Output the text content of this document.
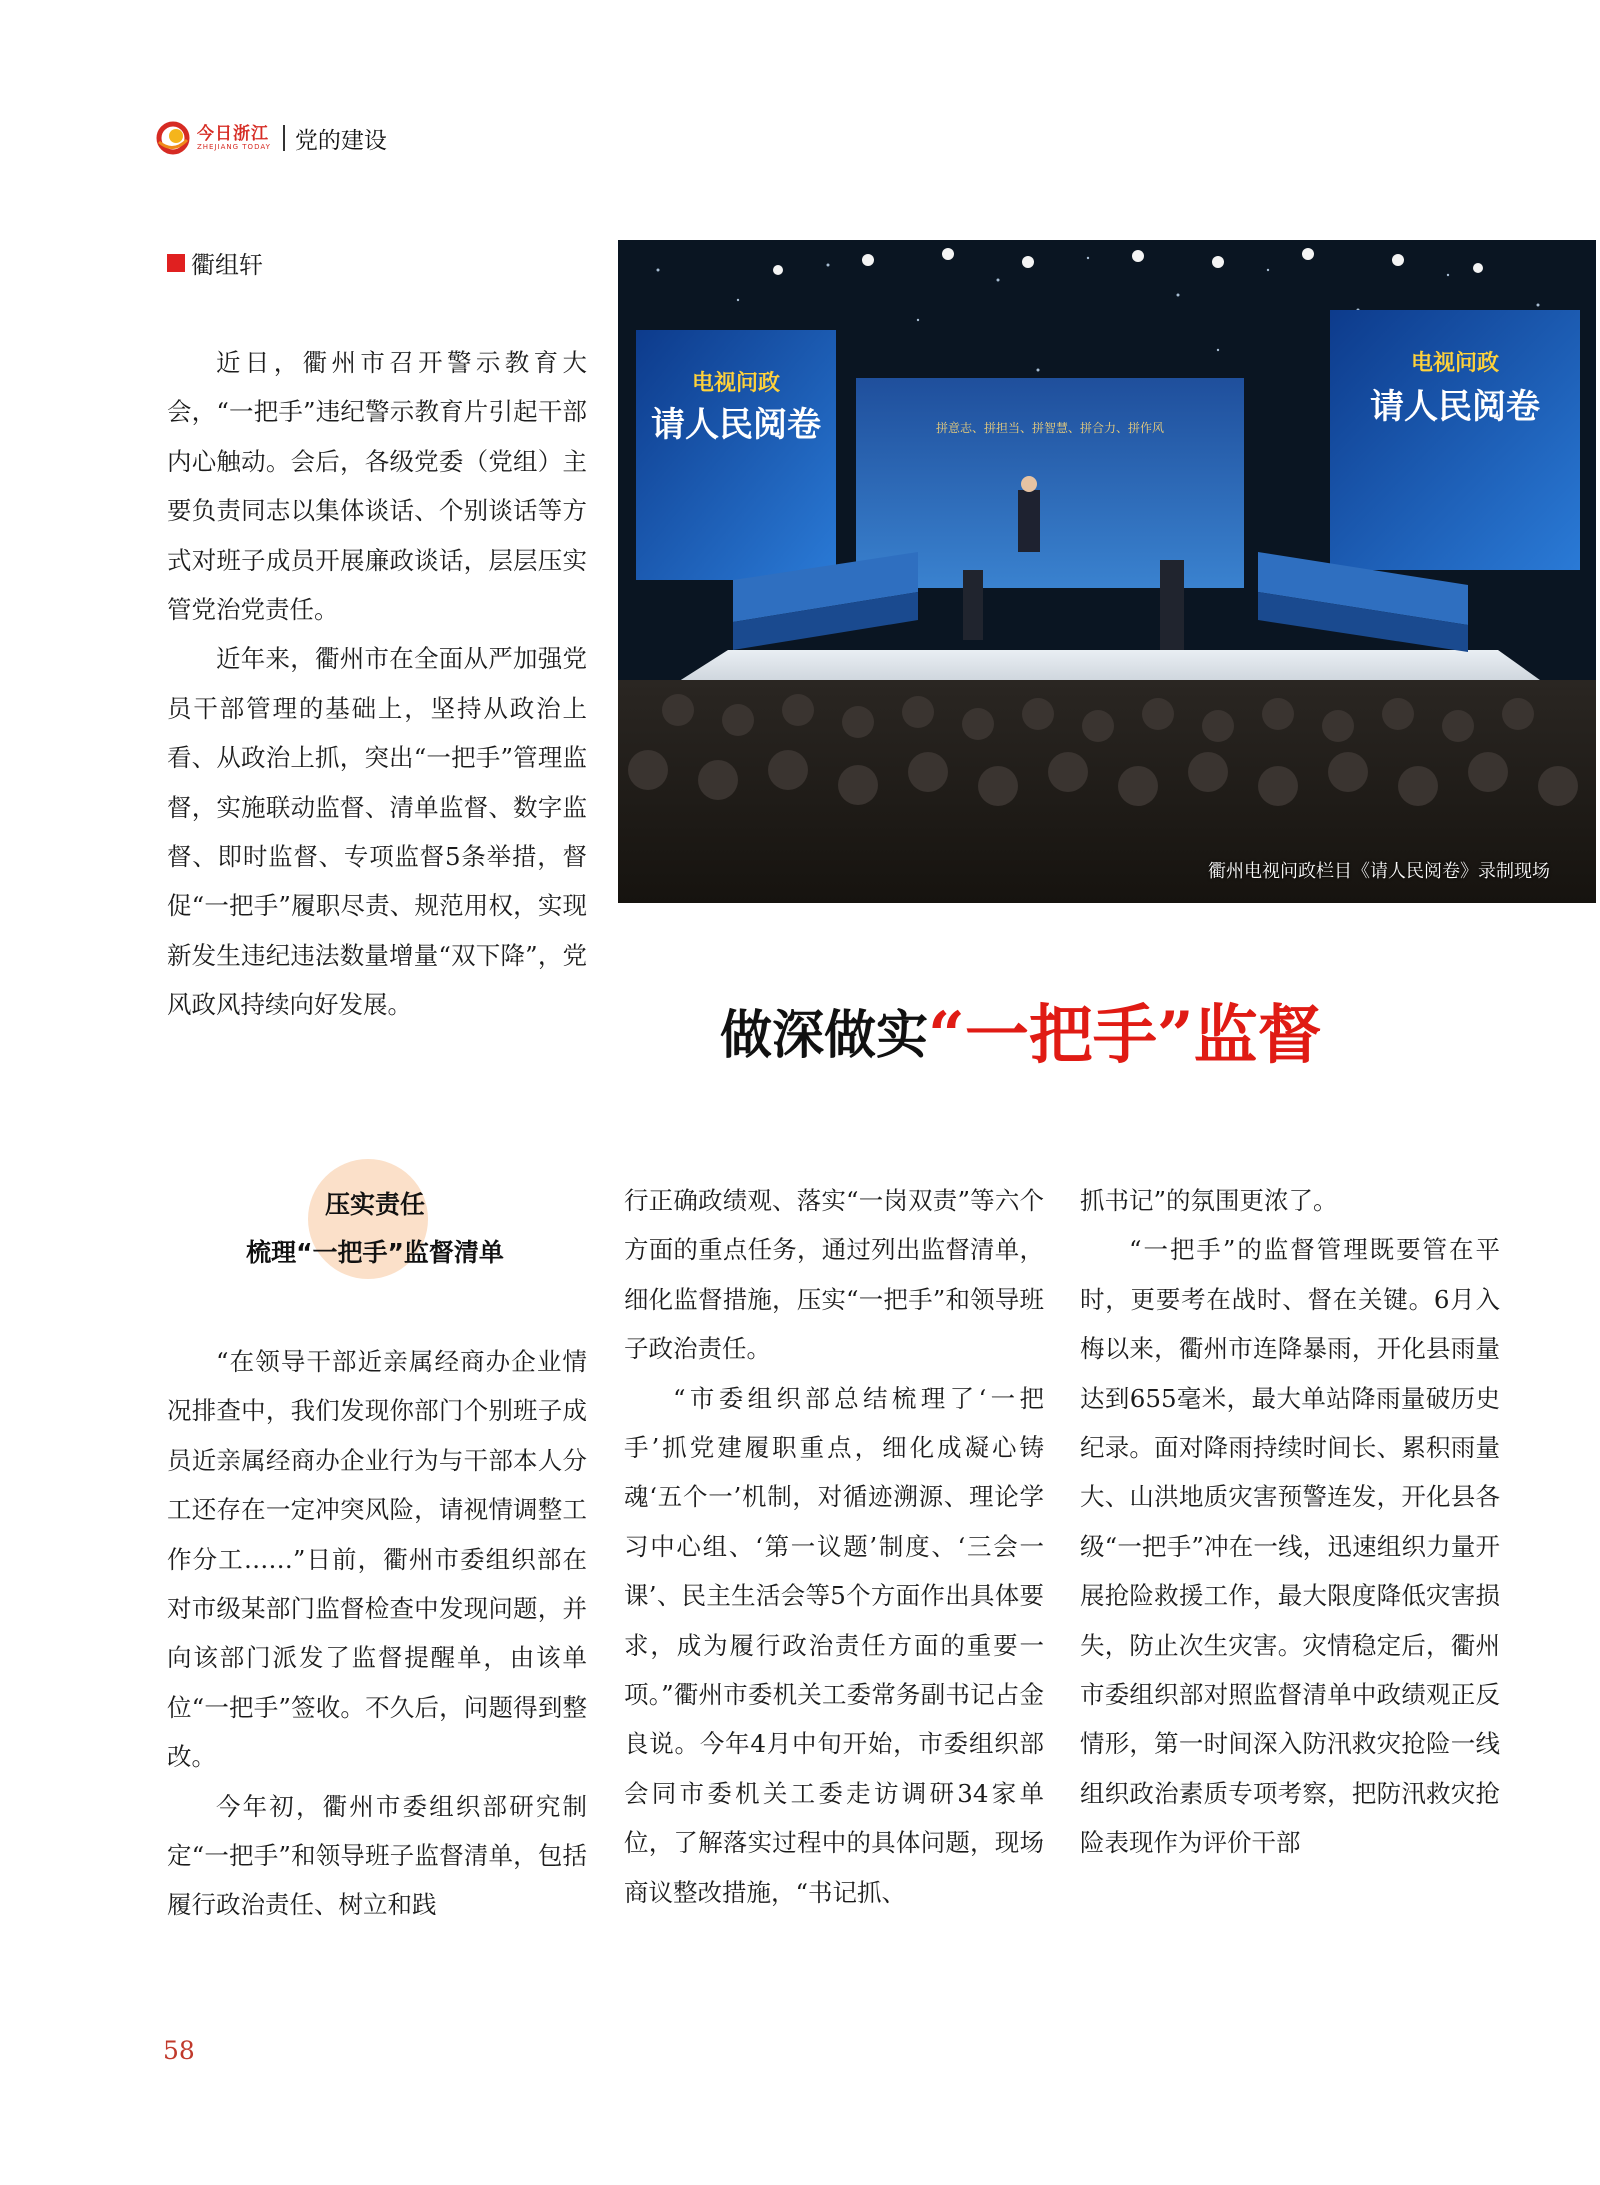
今日浙江
ZHEJIANG TODAY 党的建设
衢组轩

近日，衢州市召开警示教育大会，“一把手”违纪警示教育片引起干部内心触动。会后，各级党委（党组）主要负责同志以集体谈话、个别谈话等方式对班子成员开展廉政谈话，层层压实管党治党责任。

近年来，衢州市在全面从严加强党员干部管理的基础上，坚持从政治上看、从政治上抓，突出“一把手”管理监督，实施联动监督、清单监督、数字监督、即时监督、专项监督5条举措，督促“一把手”履职尽责、规范用权，实现新发生违纪违法数量增量“双下降”，党风政风持续向好发展。

拼意志、拼担当、拼智慧、拼合力、拼作风
电视问政
请人民阅卷
电视问政
请人民阅卷
衢州电视问政栏目《请人民阅卷》录制现场
做深做实 “一把手”监督
压实责任
梳理“一把手”监督清单

“在领导干部近亲属经商办企业情况排查中，我们发现你部门个别班子成员近亲属经商办企业行为与干部本人分工还存在一定冲突风险，请视情调整工作分工……”日前，衢州市委组织部在对市级某部门监督检查中发现问题，并向该部门派发了监督提醒单，由该单位“一把手”签收。不久后，问题得到整改。

今年初，衢州市委组织部研究制定“一把手”和领导班子监督清单，包括履行政治责任、树立和践

行正确政绩观、落实“一岗双责”等六个方面的重点任务，通过列出监督清单，细化监督措施，压实“一把手”和领导班子政治责任。

“市委组织部总结梳理了‘一把手’抓党建履职重点，细化成凝心铸魂‘五个一’机制，对循迹溯源、理论学习中心组、‘第一议题’制度、‘三会一课’、民主生活会等5个方面作出具体要求，成为履行政治责任方面的重要一项。”衢州市委机关工委常务副书记占金良说。今年4月中旬开始，市委组织部会同市委机关工委走访调研34家单位，了解落实过程中的具体问题，现场商议整改措施，“书记抓、

抓书记”的氛围更浓了。

“一把手”的监督管理既要管在平时，更要考在战时、督在关键。6月入梅以来，衢州市连降暴雨，开化县雨量达到655毫米，最大单站降雨量破历史纪录。面对降雨持续时间长、累积雨量大、山洪地质灾害预警连发，开化县各级“一把手”冲在一线，迅速组织力量开展抢险救援工作，最大限度降低灾害损失，防止次生灾害。灾情稳定后，衢州市委组织部对照监督清单中政绩观正反情形，第一时间深入防汛救灾抢险一线组织政治素质专项考察，把防汛救灾抢险表现作为评价干部

58
